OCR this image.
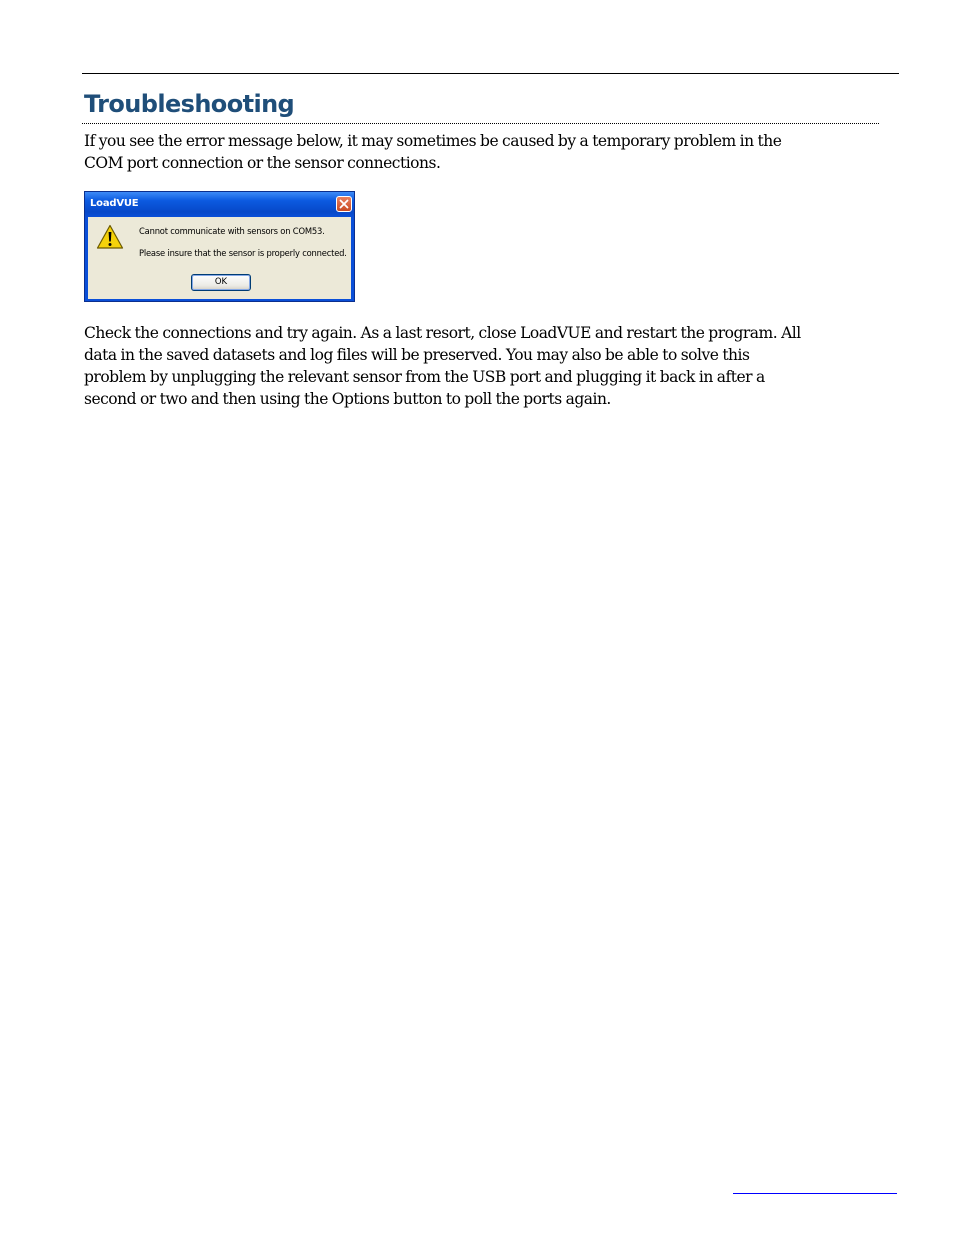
Troubleshooting

If you see the error message below, it may sometimes be caused by a temporary problem in the
COM port connection or the sensor connections.

LoadVUE
Cannot communicate with sensors on COM53.
Please insure that the sensor is properly connected.
OK

Check the connections and try again. As a last resort, close LoadVUE and restart the program. All
data in the saved datasets and log files will be preserved. You may also be able to solve this
problem by unplugging the relevant sensor from the USB port and plugging it back in after a
second or two and then using the Options button to poll the ports again.
